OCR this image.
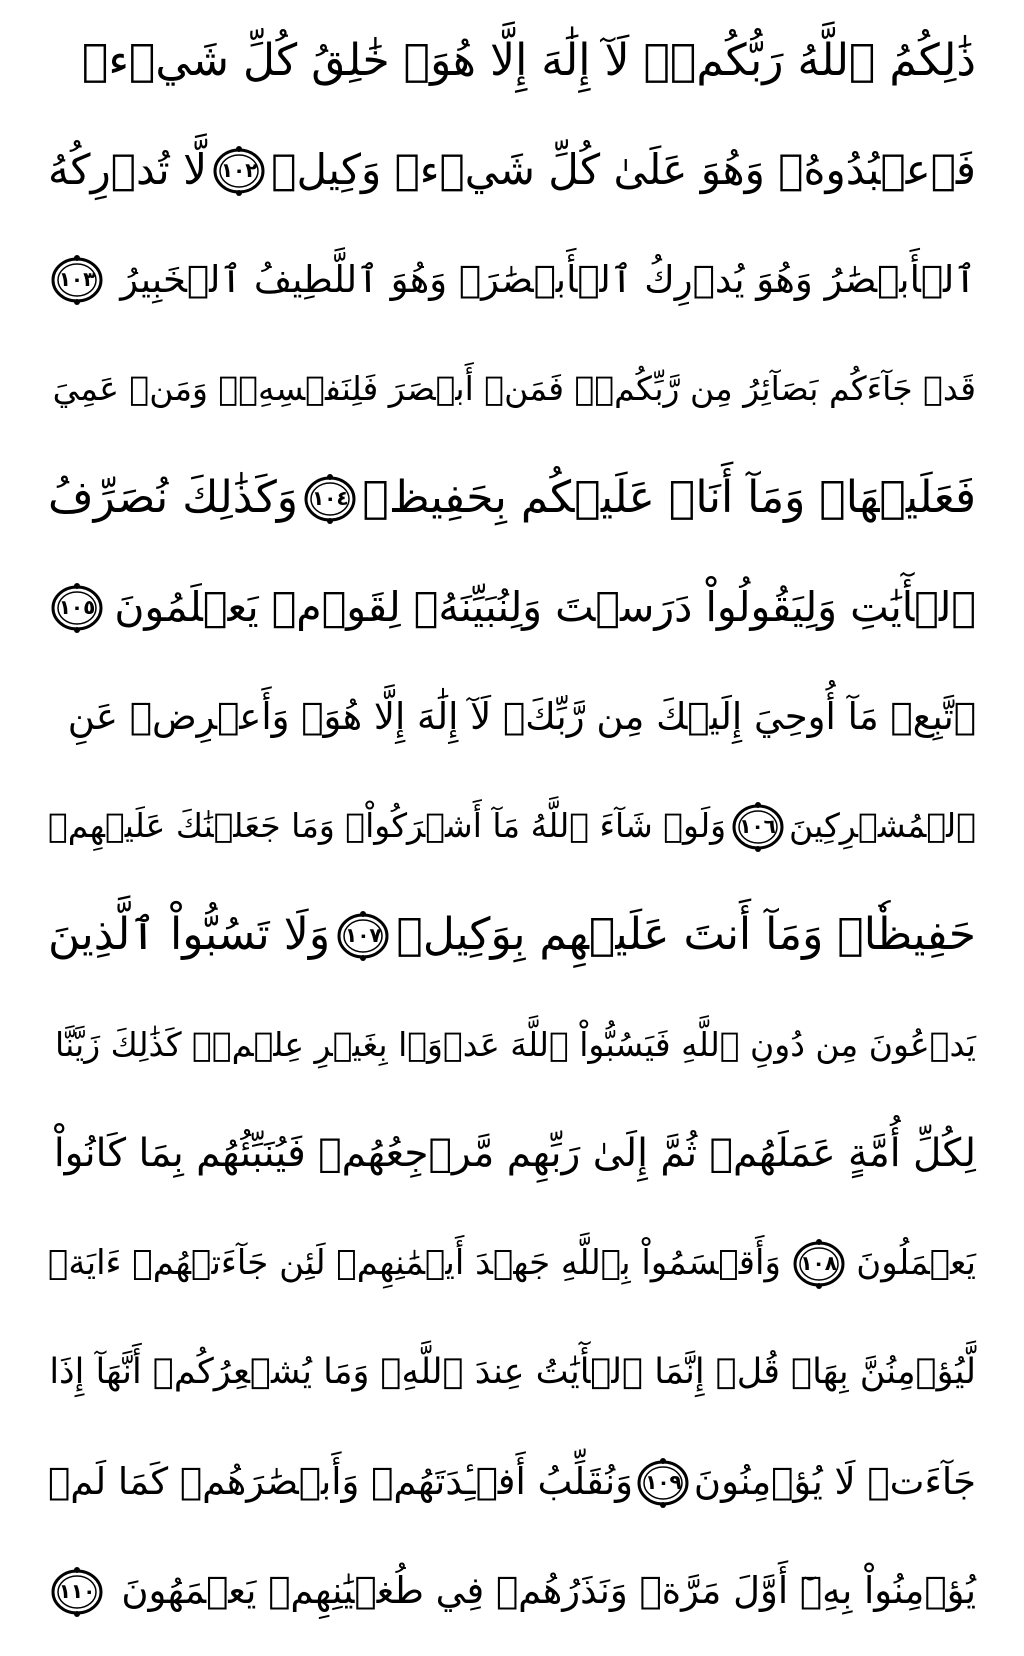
ذَٰلِكُمُ ٱللَّهُ رَبُّكُمۡۖ لَآ إِلَٰهَ إِلَّا هُوَۖ خَٰلِقُ كُلِّ شَيۡءٖ
فَٱعۡبُدُوهُۚ وَهُوَ عَلَىٰ كُلِّ شَيۡءٖ وَكِيلٞ
١٠٢
لَّا تُدۡرِكُهُ
ٱلۡأَبۡصَٰرُ وَهُوَ يُدۡرِكُ ٱلۡأَبۡصَٰرَۖ وَهُوَ ٱللَّطِيفُ ٱلۡخَبِيرُ
١٠٣
قَدۡ جَآءَكُم بَصَآئِرُ مِن رَّبِّكُمۡۖ فَمَنۡ أَبۡصَرَ فَلِنَفۡسِهِۦۖ وَمَنۡ عَمِيَ
فَعَلَيۡهَاۚ وَمَآ أَنَا۠ عَلَيۡكُم بِحَفِيظٖ
١٠٤
وَكَذَٰلِكَ نُصَرِّفُ
ٱلۡأٓيَٰتِ وَلِيَقُولُواْ دَرَسۡتَ وَلِنُبَيِّنَهُۥ لِقَوۡمٖ يَعۡلَمُونَ
١٠٥
ٱتَّبِعۡ مَآ أُوحِيَ إِلَيۡكَ مِن رَّبِّكَۖ لَآ إِلَٰهَ إِلَّا هُوَۖ وَأَعۡرِضۡ عَنِ
ٱلۡمُشۡرِكِينَ
١٠٦
وَلَوۡ شَآءَ ٱللَّهُ مَآ أَشۡرَكُواْۗ وَمَا جَعَلۡنَٰكَ عَلَيۡهِمۡ
حَفِيظٗاۖ وَمَآ أَنتَ عَلَيۡهِم بِوَكِيلٖ
١٠٧
وَلَا تَسُبُّواْ ٱلَّذِينَ
يَدۡعُونَ مِن دُونِ ٱللَّهِ فَيَسُبُّواْ ٱللَّهَ عَدۡوَۢا بِغَيۡرِ عِلۡمٖۗ كَذَٰلِكَ زَيَّنَّا
لِكُلِّ أُمَّةٍ عَمَلَهُمۡ ثُمَّ إِلَىٰ رَبِّهِم مَّرۡجِعُهُمۡ فَيُنَبِّئُهُم بِمَا كَانُواْ
يَعۡمَلُونَ
١٠٨
وَأَقۡسَمُواْ بِٱللَّهِ جَهۡدَ أَيۡمَٰنِهِمۡ لَئِن جَآءَتۡهُمۡ ءَايَةٞ
لَّيُؤۡمِنُنَّ بِهَاۚ قُلۡ إِنَّمَا ٱلۡأٓيَٰتُ عِندَ ٱللَّهِۖ وَمَا يُشۡعِرُكُمۡ أَنَّهَآ إِذَا
جَآءَتۡ لَا يُؤۡمِنُونَ
١٠٩
وَنُقَلِّبُ أَفۡـِٔدَتَهُمۡ وَأَبۡصَٰرَهُمۡ كَمَا لَمۡ
يُؤۡمِنُواْ بِهِۦٓ أَوَّلَ مَرَّةٖ وَنَذَرُهُمۡ فِي طُغۡيَٰنِهِمۡ يَعۡمَهُونَ
١١٠
